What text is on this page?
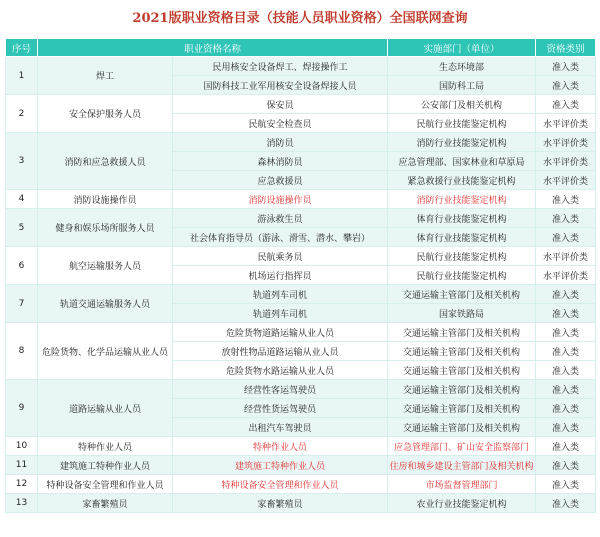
2021版职业资格目录（技能人员职业资格）全国联网查询
序号	职业资格名称		实施部门（单位）	资格类别
1	焊工	民用核安全设备焊工、焊接操作工	生态环境部	准入类
		国防科技工业军用核安全设备焊接人员	国防科工局	准入类
2	安全保护服务人员	保安员	公安部门及相关机构	准入类
		民航安全检查员	民航行业技能鉴定机构	水平评价类
3	消防和应急救援人员	消防员	消防行业技能鉴定机构	水平评价类
		森林消防员	应急管理部、国家林业和草原局	水平评价类
		应急救援员	紧急救援行业技能鉴定机构	水平评价类
4	消防设施操作员	消防设施操作员	消防行业技能鉴定机构	准入类
5	健身和娱乐场所服务人员	游泳救生员	体育行业技能鉴定机构	准入类
		社会体育指导员（游泳、滑雪、潜水、攀岩）	体育行业技能鉴定机构	准入类
6	航空运输服务人员	民航乘务员	民航行业技能鉴定机构	水平评价类
		机场运行指挥员	民航行业技能鉴定机构	水平评价类
7	轨道交通运输服务人员	轨道列车司机	交通运输主管部门及相关机构	准入类
		轨道列车司机	国家铁路局	准入类
8	危险货物、化学品运输从业人员	危险货物道路运输从业人员	交通运输主管部门及相关机构	准入类
		放射性物品道路运输从业人员	交通运输主管部门及相关机构	准入类
		危险货物水路运输从业人员	交通运输主管部门及相关机构	准入类
9	道路运输从业人员	经营性客运驾驶员	交通运输主管部门及相关机构	准入类
		经营性货运驾驶员	交通运输主管部门及相关机构	准入类
		出租汽车驾驶员	交通运输主管部门及相关机构	准入类
10	特种作业人员	特种作业人员	应急管理部门、矿山安全监察部门	准入类
11	建筑施工特种作业人员	建筑施工特种作业人员	住房和城乡建设主管部门及相关机构	准入类
12	特种设备安全管理和作业人员	特种设备安全管理和作业人员	市场监督管理部门	准入类
13	家畜繁殖员	家畜繁殖员	农业行业技能鉴定机构	准入类
